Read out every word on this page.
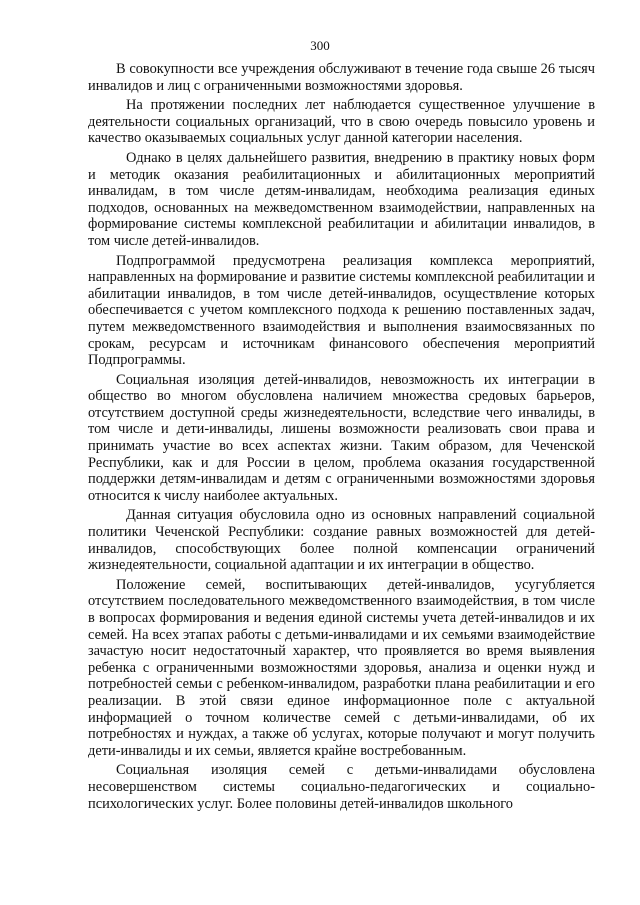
300

В совокупности все учреждения обслуживают в течение года свыше 26 тысяч инвалидов и лиц с ограниченными возможностями здоровья.

На протяжении последних лет наблюдается существенное улучшение в деятельности социальных организаций, что в свою очередь повысило уровень и качество оказываемых социальных услуг данной категории населения.

Однако в целях дальнейшего развития, внедрению в практику новых форм и методик оказания реабилитационных и абилитационных мероприятий инвалидам, в том числе детям-инвалидам, необходима реализация единых подходов, основанных на межведомственном взаимодействии, направленных на формирование системы комплексной реабилитации и абилитации инвалидов, в том числе детей-инвалидов.

Подпрограммой предусмотрена реализация комплекса мероприятий, направленных на формирование и развитие системы комплексной реабилитации и абилитации инвалидов, в том числе детей-инвалидов, осуществление которых обеспечивается с учетом комплексного подхода к решению поставленных задач, путем межведомственного взаимодействия и выполнения взаимосвязанных по срокам, ресурсам и источникам финансового обеспечения мероприятий Подпрограммы.

Социальная изоляция детей-инвалидов, невозможность их интеграции в общество во многом обусловлена наличием множества средовых барьеров, отсутствием доступной среды жизнедеятельности, вследствие чего инвалиды, в том числе и дети-инвалиды, лишены возможности реализовать свои права и принимать участие во всех аспектах жизни. Таким образом, для Чеченской Республики, как и для России в целом, проблема оказания государственной поддержки детям-инвалидам и детям с ограниченными возможностями здоровья относится к числу наиболее актуальных.

Данная ситуация обусловила одно из основных направлений социальной политики Чеченской Республики: создание равных возможностей для детей-инвалидов, способствующих более полной компенсации ограничений жизнедеятельности, социальной адаптации и их интеграции в общество.

Положение семей, воспитывающих детей-инвалидов, усугубляется отсутствием последовательного межведомственного взаимодействия, в том числе в вопросах формирования и ведения единой системы учета детей-инвалидов и их семей. На всех этапах работы с детьми-инвалидами и их семьями взаимодействие зачастую носит недостаточный характер, что проявляется во время выявления ребенка с ограниченными возможностями здоровья, анализа и оценки нужд и потребностей семьи с ребенком-инвалидом, разработки плана реабилитации и его реализации. В этой связи единое информационное поле с актуальной информацией о точном количестве семей с детьми-инвалидами, об их потребностях и нуждах, а также об услугах, которые получают и могут получить дети-инвалиды и их семьи, является крайне востребованным.

Социальная изоляция семей с детьми-инвалидами обусловлена несовершенством системы социально-педагогических и социально-психологических услуг. Более половины детей-инвалидов школьного
